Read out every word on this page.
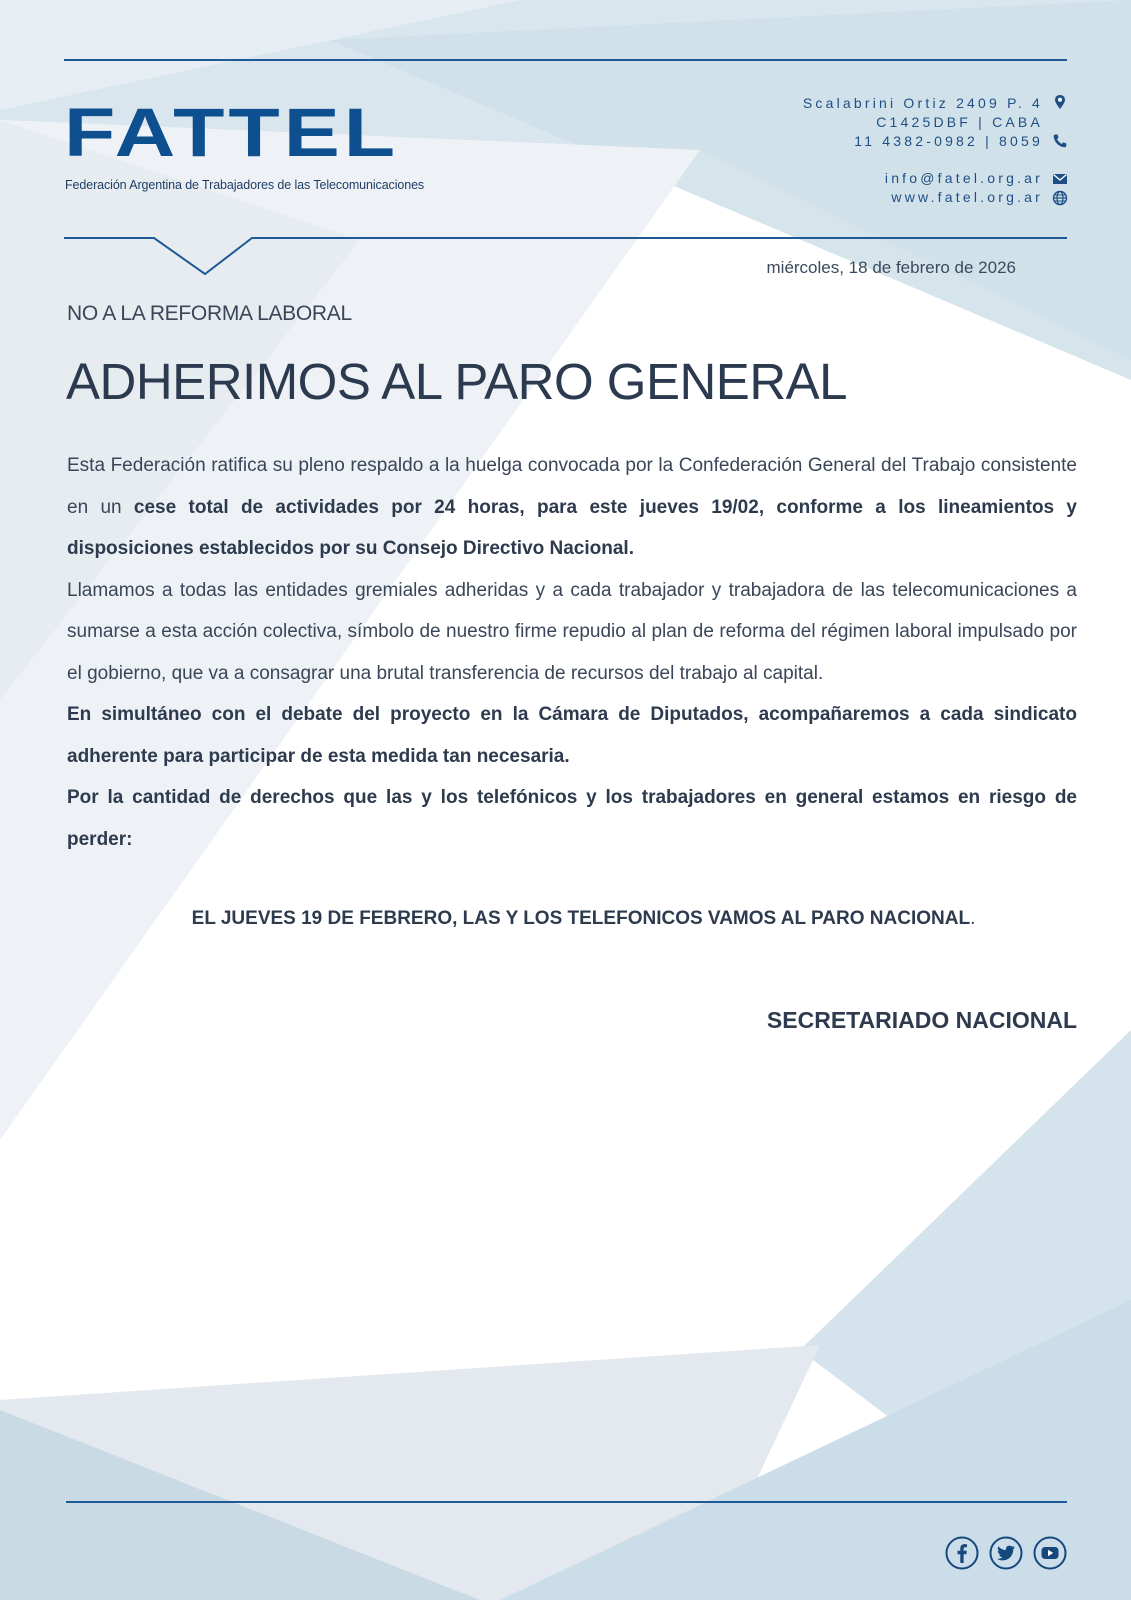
FATTEL
Federación Argentina de Trabajadores de las Telecomunicaciones
Scalabrini Ortiz 2409 P. 4
C1425DBF | CABA
11 4382-0982 | 8059
info@fatel.org.ar
www.fatel.org.ar
miércoles, 18 de febrero de 2026
NO A LA REFORMA LABORAL
ADHERIMOS AL PARO GENERAL

Esta Federación ratifica su pleno respaldo a la huelga convocada por la Confederación General del Trabajo consistente en un cese total de actividades por 24 horas, para este jueves 19/02, conforme a los lineamientos y disposiciones establecidos por su Consejo Directivo Nacional.

Llamamos a todas las entidades gremiales adheridas y a cada trabajador y trabajadora de las telecomunicaciones a sumarse a esta acción colectiva, símbolo de nuestro firme repudio al plan de reforma del régimen laboral impulsado por el gobierno, que va a consagrar una brutal transferencia de recursos del trabajo al capital.

En simultáneo con el debate del proyecto en la Cámara de Diputados, acompañaremos a cada sindicato adherente para participar de esta medida tan necesaria.

Por la cantidad de derechos que las y los telefónicos y los trabajadores en general estamos en riesgo de perder:

EL JUEVES 19 DE FEBRERO, LAS Y LOS TELEFONICOS VAMOS AL PARO NACIONAL.
SECRETARIADO NACIONAL
